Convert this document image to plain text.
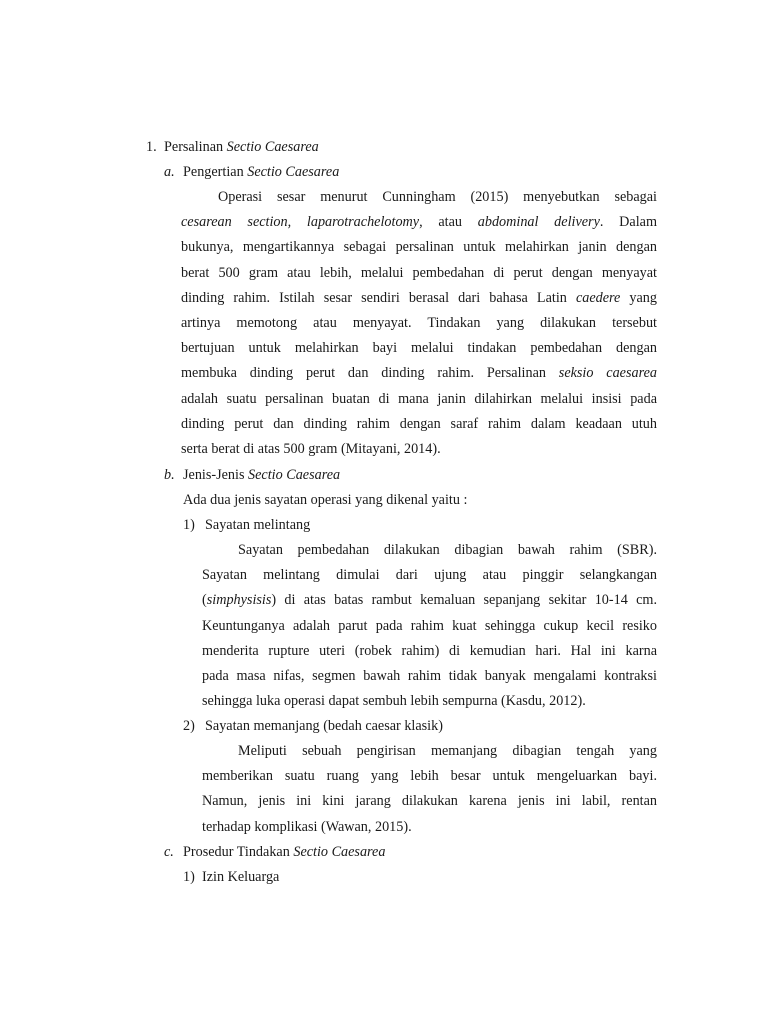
1. Persalinan Sectio Caesarea
a. Pengertian Sectio Caesarea
Operasi sesar menurut Cunningham (2015) menyebutkan sebagai
cesarean section, laparotrachelotomy, atau abdominal delivery. Dalam
bukunya, mengartikannya sebagai persalinan untuk melahirkan janin dengan
berat 500 gram atau lebih, melalui pembedahan di perut dengan menyayat
dinding rahim. Istilah sesar sendiri berasal dari bahasa Latin caedere yang
artinya memotong atau menyayat. Tindakan yang dilakukan tersebut
bertujuan untuk melahirkan bayi melalui tindakan pembedahan dengan
membuka dinding perut dan dinding rahim. Persalinan seksio caesarea
adalah suatu persalinan buatan di mana janin dilahirkan melalui insisi pada
dinding perut dan dinding rahim dengan saraf rahim dalam keadaan utuh
serta berat di atas 500 gram (Mitayani, 2014).
b. Jenis-Jenis Sectio Caesarea
Ada dua jenis sayatan operasi yang dikenal yaitu :
1) Sayatan melintang
Sayatan pembedahan dilakukan dibagian bawah rahim (SBR).
Sayatan melintang dimulai dari ujung atau pinggir selangkangan
(simphysisis) di atas batas rambut kemaluan sepanjang sekitar 10-14 cm.
Keuntunganya adalah parut pada rahim kuat sehingga cukup kecil resiko
menderita rupture uteri (robek rahim) di kemudian hari. Hal ini karna
pada masa nifas, segmen bawah rahim tidak banyak mengalami kontraksi
sehingga luka operasi dapat sembuh lebih sempurna (Kasdu, 2012).
2) Sayatan memanjang (bedah caesar klasik)
Meliputi sebuah pengirisan memanjang dibagian tengah yang
memberikan suatu ruang yang lebih besar untuk mengeluarkan bayi.
Namun, jenis ini kini jarang dilakukan karena jenis ini labil, rentan
terhadap komplikasi (Wawan, 2015).
c. Prosedur Tindakan Sectio Caesarea
1) Izin Keluarga
